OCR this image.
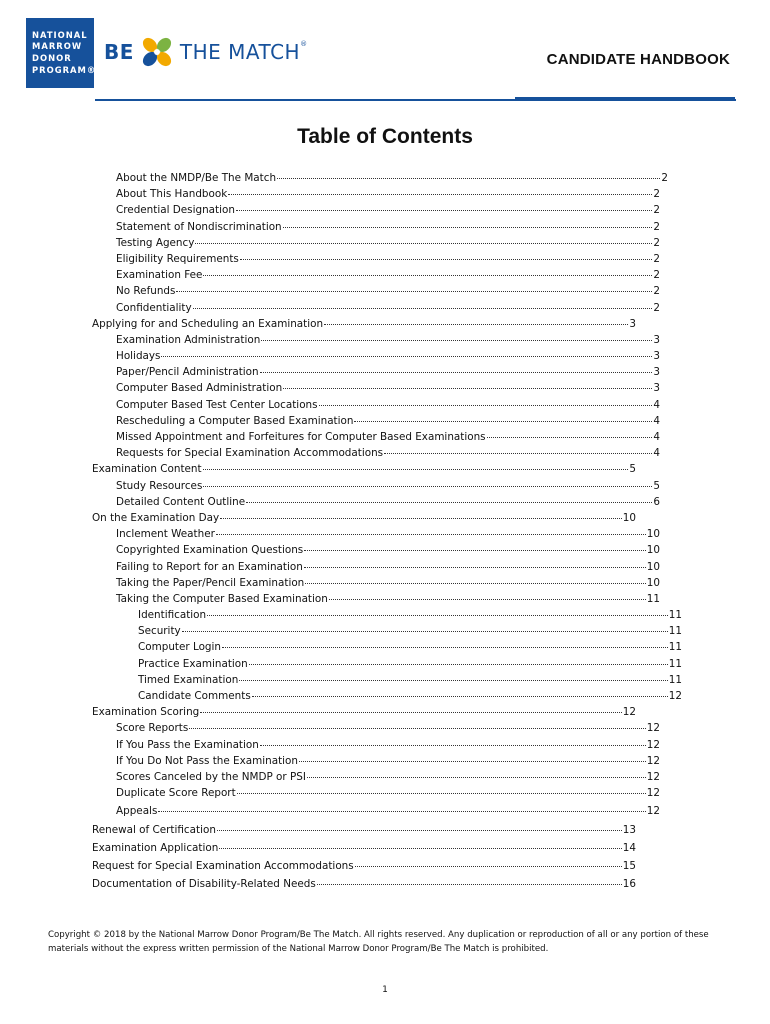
NATIONAL
MARROW
DONOR
PROGRAM®
BE THE MATCH®
CANDIDATE HANDBOOK
Table of Contents
About the NMDP/Be The Match	2
About This Handbook	2
Credential Designation	2
Statement of Nondiscrimination	2
Testing Agency	2
Eligibility Requirements	2
Examination Fee	2
No Refunds	2
Confidentiality	2
Applying for and Scheduling an Examination	3
Examination Administration	3
Holidays	3
Paper/Pencil Administration	3
Computer Based Administration	3
Computer Based Test Center Locations	4
Rescheduling a Computer Based Examination	4
Missed Appointment and Forfeitures for Computer Based Examinations	4
Requests for Special Examination Accommodations	4
Examination Content	5
Study Resources	5
Detailed Content Outline	6
On the Examination Day	10
Inclement Weather	10
Copyrighted Examination Questions	10
Failing to Report for an Examination	10
Taking the Paper/Pencil Examination	10
Taking the Computer Based Examination	11
Identification	11
Security	11
Computer Login	11
Practice Examination	11
Timed Examination	11
Candidate Comments	12
Examination Scoring	12
Score Reports	12
If You Pass the Examination	12
If You Do Not Pass the Examination	12
Scores Canceled by the NMDP or PSI	12
Duplicate Score Report	12
Appeals	12
Renewal of Certification	13
Examination Application	14
Request for Special Examination Accommodations	15
Documentation of Disability-Related Needs	16
Copyright © 2018 by the National Marrow Donor Program/Be The Match. All rights reserved. Any duplication or reproduction of all or any portion of these materials without the express written permission of the National Marrow Donor Program/Be The Match is prohibited.
1
